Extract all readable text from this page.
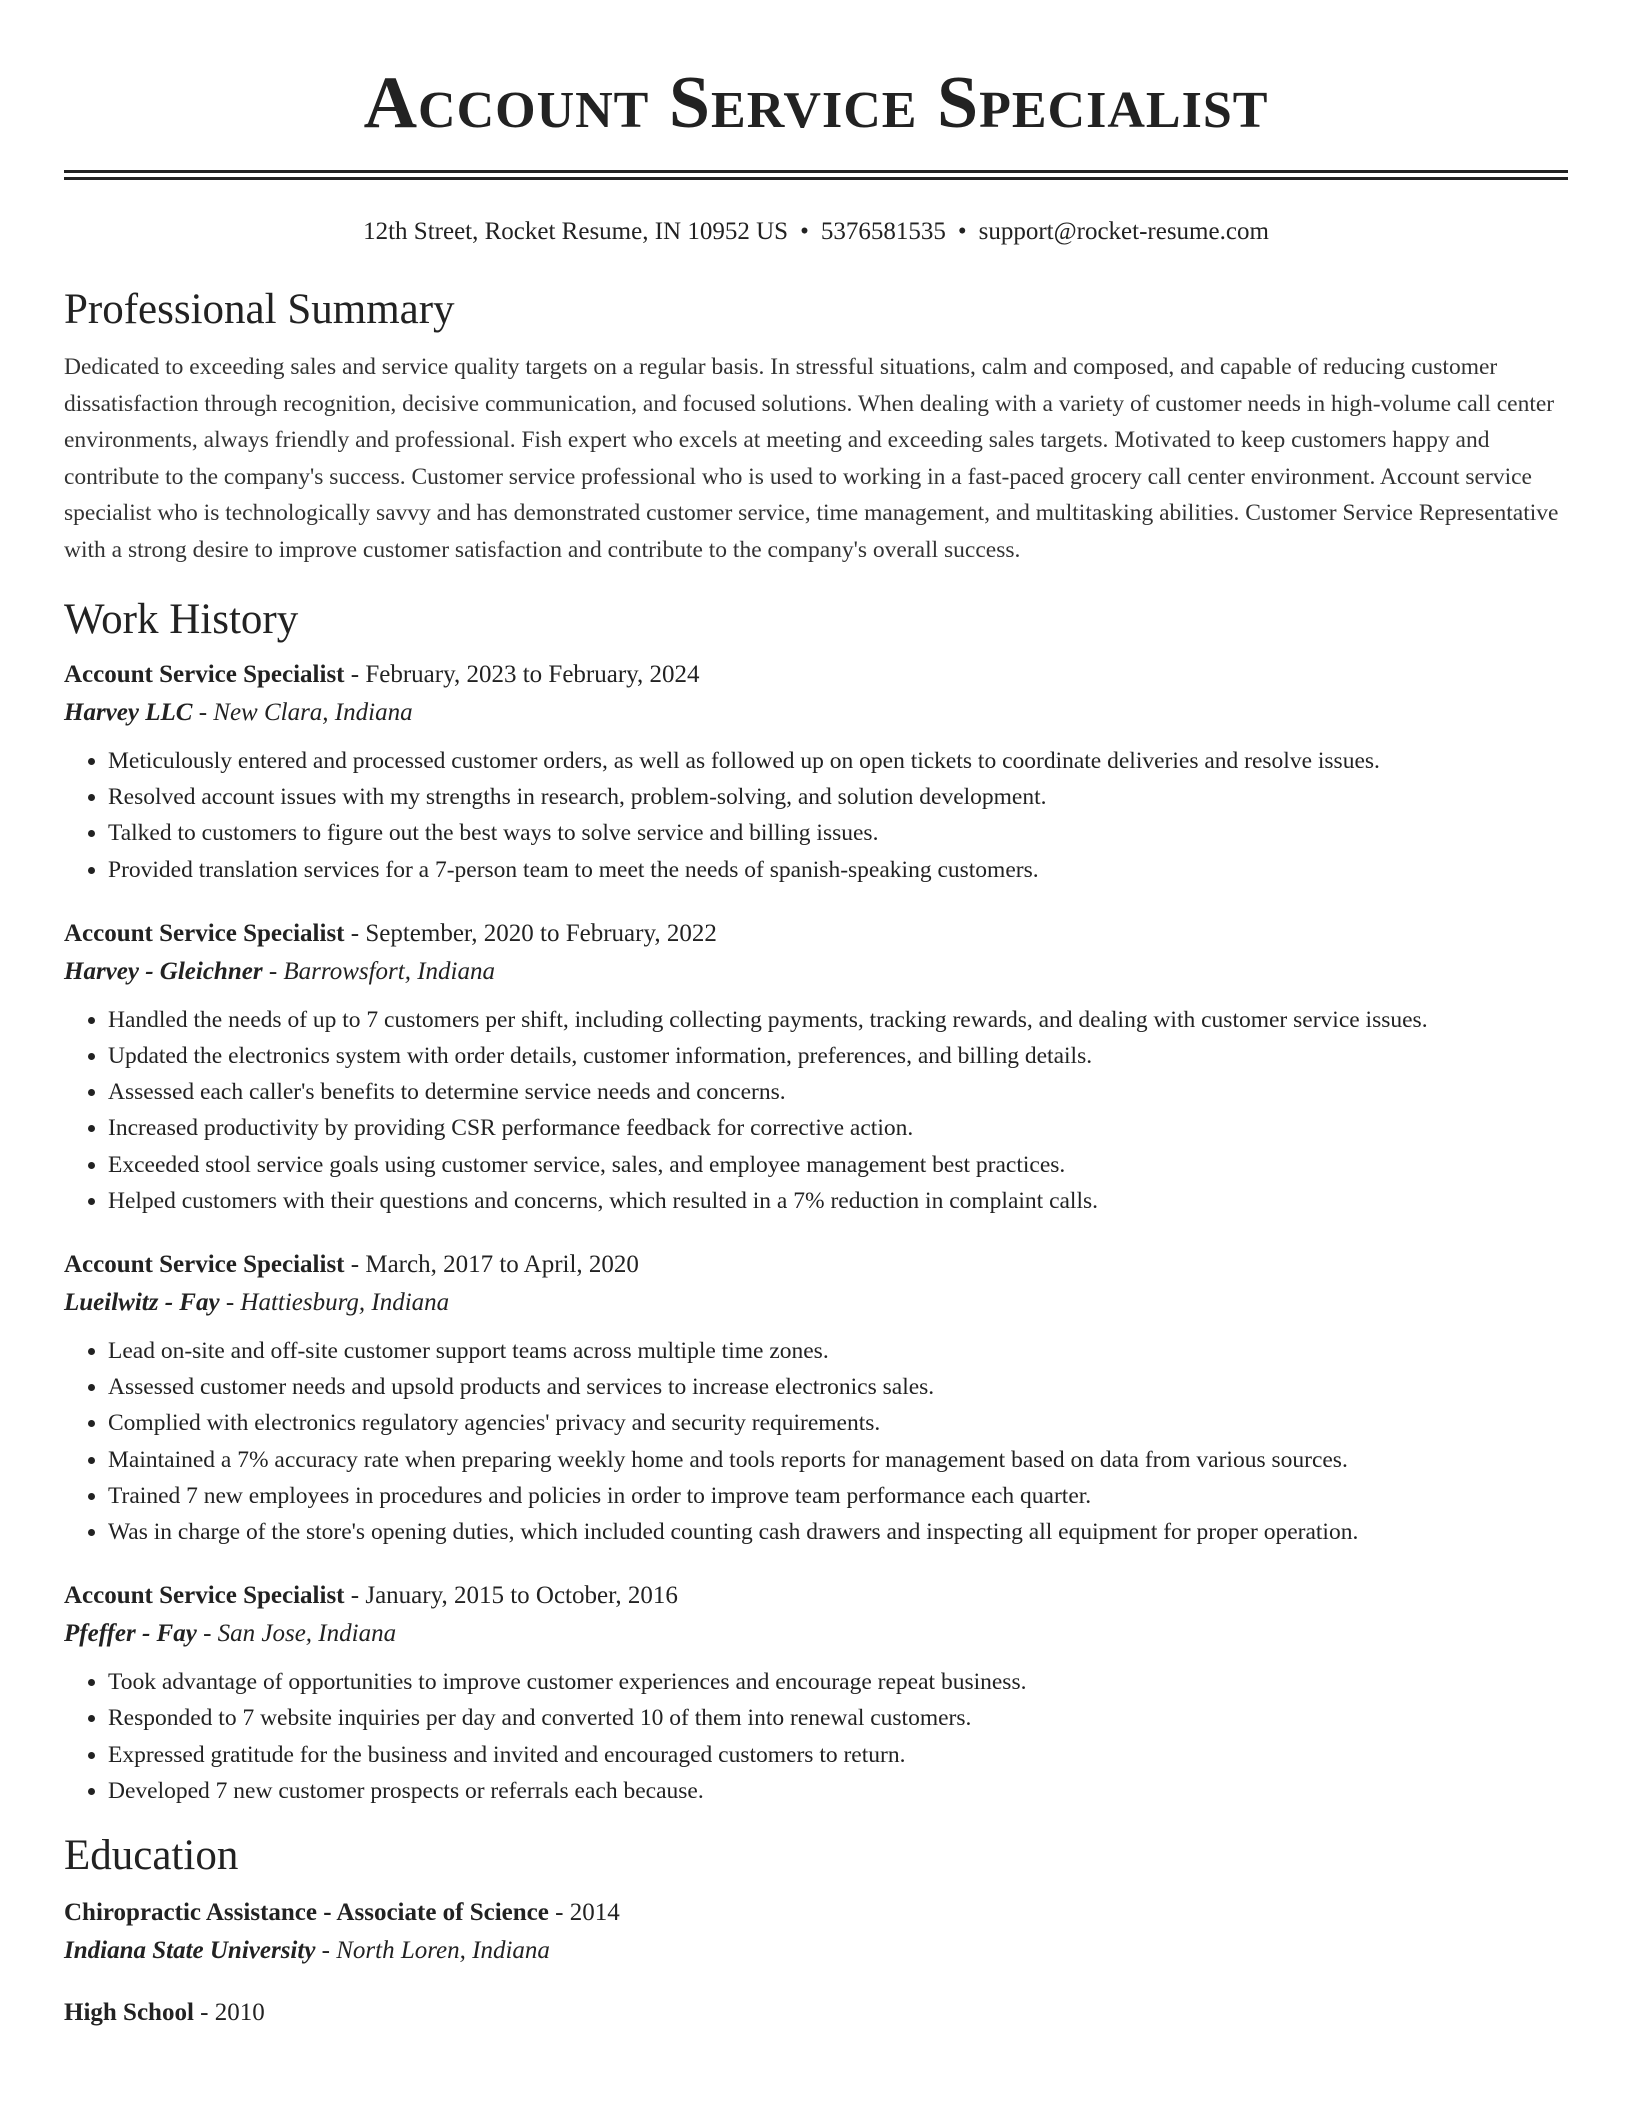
Account Service Specialist
12th Street, Rocket Resume, IN 10952 US • 5376581535 • support@rocket-resume.com
Professional Summary
Dedicated to exceeding sales and service quality targets on a regular basis. In stressful situations, calm and composed, and capable of reducing customer dissatisfaction through recognition, decisive communication, and focused solutions. When dealing with a variety of customer needs in high-volume call center environments, always friendly and professional. Fish expert who excels at meeting and exceeding sales targets. Motivated to keep customers happy and contribute to the company's success. Customer service professional who is used to working in a fast-paced grocery call center environment. Account service specialist who is technologically savvy and has demonstrated customer service, time management, and multitasking abilities. Customer Service Representative with a strong desire to improve customer satisfaction and contribute to the company's overall success.
Work History
Account Service Specialist - February, 2023 to February, 2024
Harvey LLC - New Clara, Indiana
• Meticulously entered and processed customer orders, as well as followed up on open tickets to coordinate deliveries and resolve issues.
• Resolved account issues with my strengths in research, problem-solving, and solution development.
• Talked to customers to figure out the best ways to solve service and billing issues.
• Provided translation services for a 7-person team to meet the needs of spanish-speaking customers.
Account Service Specialist - September, 2020 to February, 2022
Harvey - Gleichner - Barrowsfort, Indiana
• Handled the needs of up to 7 customers per shift, including collecting payments, tracking rewards, and dealing with customer service issues.
• Updated the electronics system with order details, customer information, preferences, and billing details.
• Assessed each caller's benefits to determine service needs and concerns.
• Increased productivity by providing CSR performance feedback for corrective action.
• Exceeded stool service goals using customer service, sales, and employee management best practices.
• Helped customers with their questions and concerns, which resulted in a 7% reduction in complaint calls.
Account Service Specialist - March, 2017 to April, 2020
Lueilwitz - Fay - Hattiesburg, Indiana
• Lead on-site and off-site customer support teams across multiple time zones.
• Assessed customer needs and upsold products and services to increase electronics sales.
• Complied with electronics regulatory agencies' privacy and security requirements.
• Maintained a 7% accuracy rate when preparing weekly home and tools reports for management based on data from various sources.
• Trained 7 new employees in procedures and policies in order to improve team performance each quarter.
• Was in charge of the store's opening duties, which included counting cash drawers and inspecting all equipment for proper operation.
Account Service Specialist - January, 2015 to October, 2016
Pfeffer - Fay - San Jose, Indiana
• Took advantage of opportunities to improve customer experiences and encourage repeat business.
• Responded to 7 website inquiries per day and converted 10 of them into renewal customers.
• Expressed gratitude for the business and invited and encouraged customers to return.
• Developed 7 new customer prospects or referrals each because.
Education
Chiropractic Assistance - Associate of Science - 2014
Indiana State University - North Loren, Indiana
High School - 2010
